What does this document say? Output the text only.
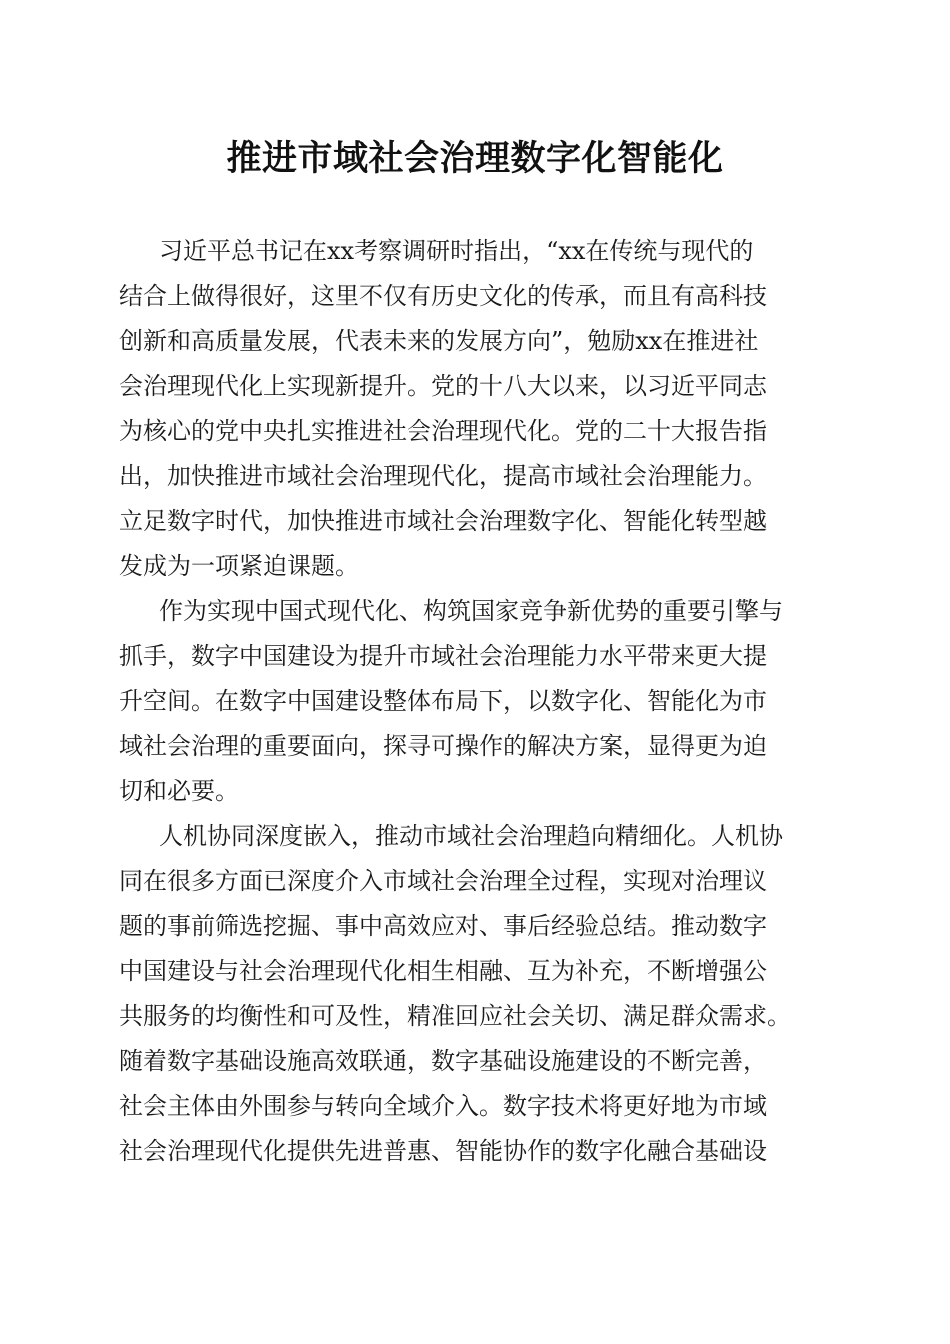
推进市域社会治理数字化智能化
习近平总书记在xx考察调研时指出，“xx在传统与现代的
结合上做得很好，这里不仅有历史文化的传承，而且有高科技
创新和高质量发展，代表未来的发展方向”，勉励xx在推进社
会治理现代化上实现新提升。党的十八大以来，以习近平同志
为核心的党中央扎实推进社会治理现代化。党的二十大报告指
出，加快推进市域社会治理现代化，提高市域社会治理能力。
立足数字时代，加快推进市域社会治理数字化、智能化转型越
发成为一项紧迫课题。
作为实现中国式现代化、构筑国家竞争新优势的重要引擎与
抓手，数字中国建设为提升市域社会治理能力水平带来更大提
升空间。在数字中国建设整体布局下，以数字化、智能化为市
域社会治理的重要面向，探寻可操作的解决方案，显得更为迫
切和必要。
人机协同深度嵌入，推动市域社会治理趋向精细化。人机协
同在很多方面已深度介入市域社会治理全过程，实现对治理议
题的事前筛选挖掘、事中高效应对、事后经验总结。推动数字
中国建设与社会治理现代化相生相融、互为补充，不断增强公
共服务的均衡性和可及性，精准回应社会关切、满足群众需求。
随着数字基础设施高效联通，数字基础设施建设的不断完善，
社会主体由外围参与转向全域介入。数字技术将更好地为市域
社会治理现代化提供先进普惠、智能协作的数字化融合基础设
